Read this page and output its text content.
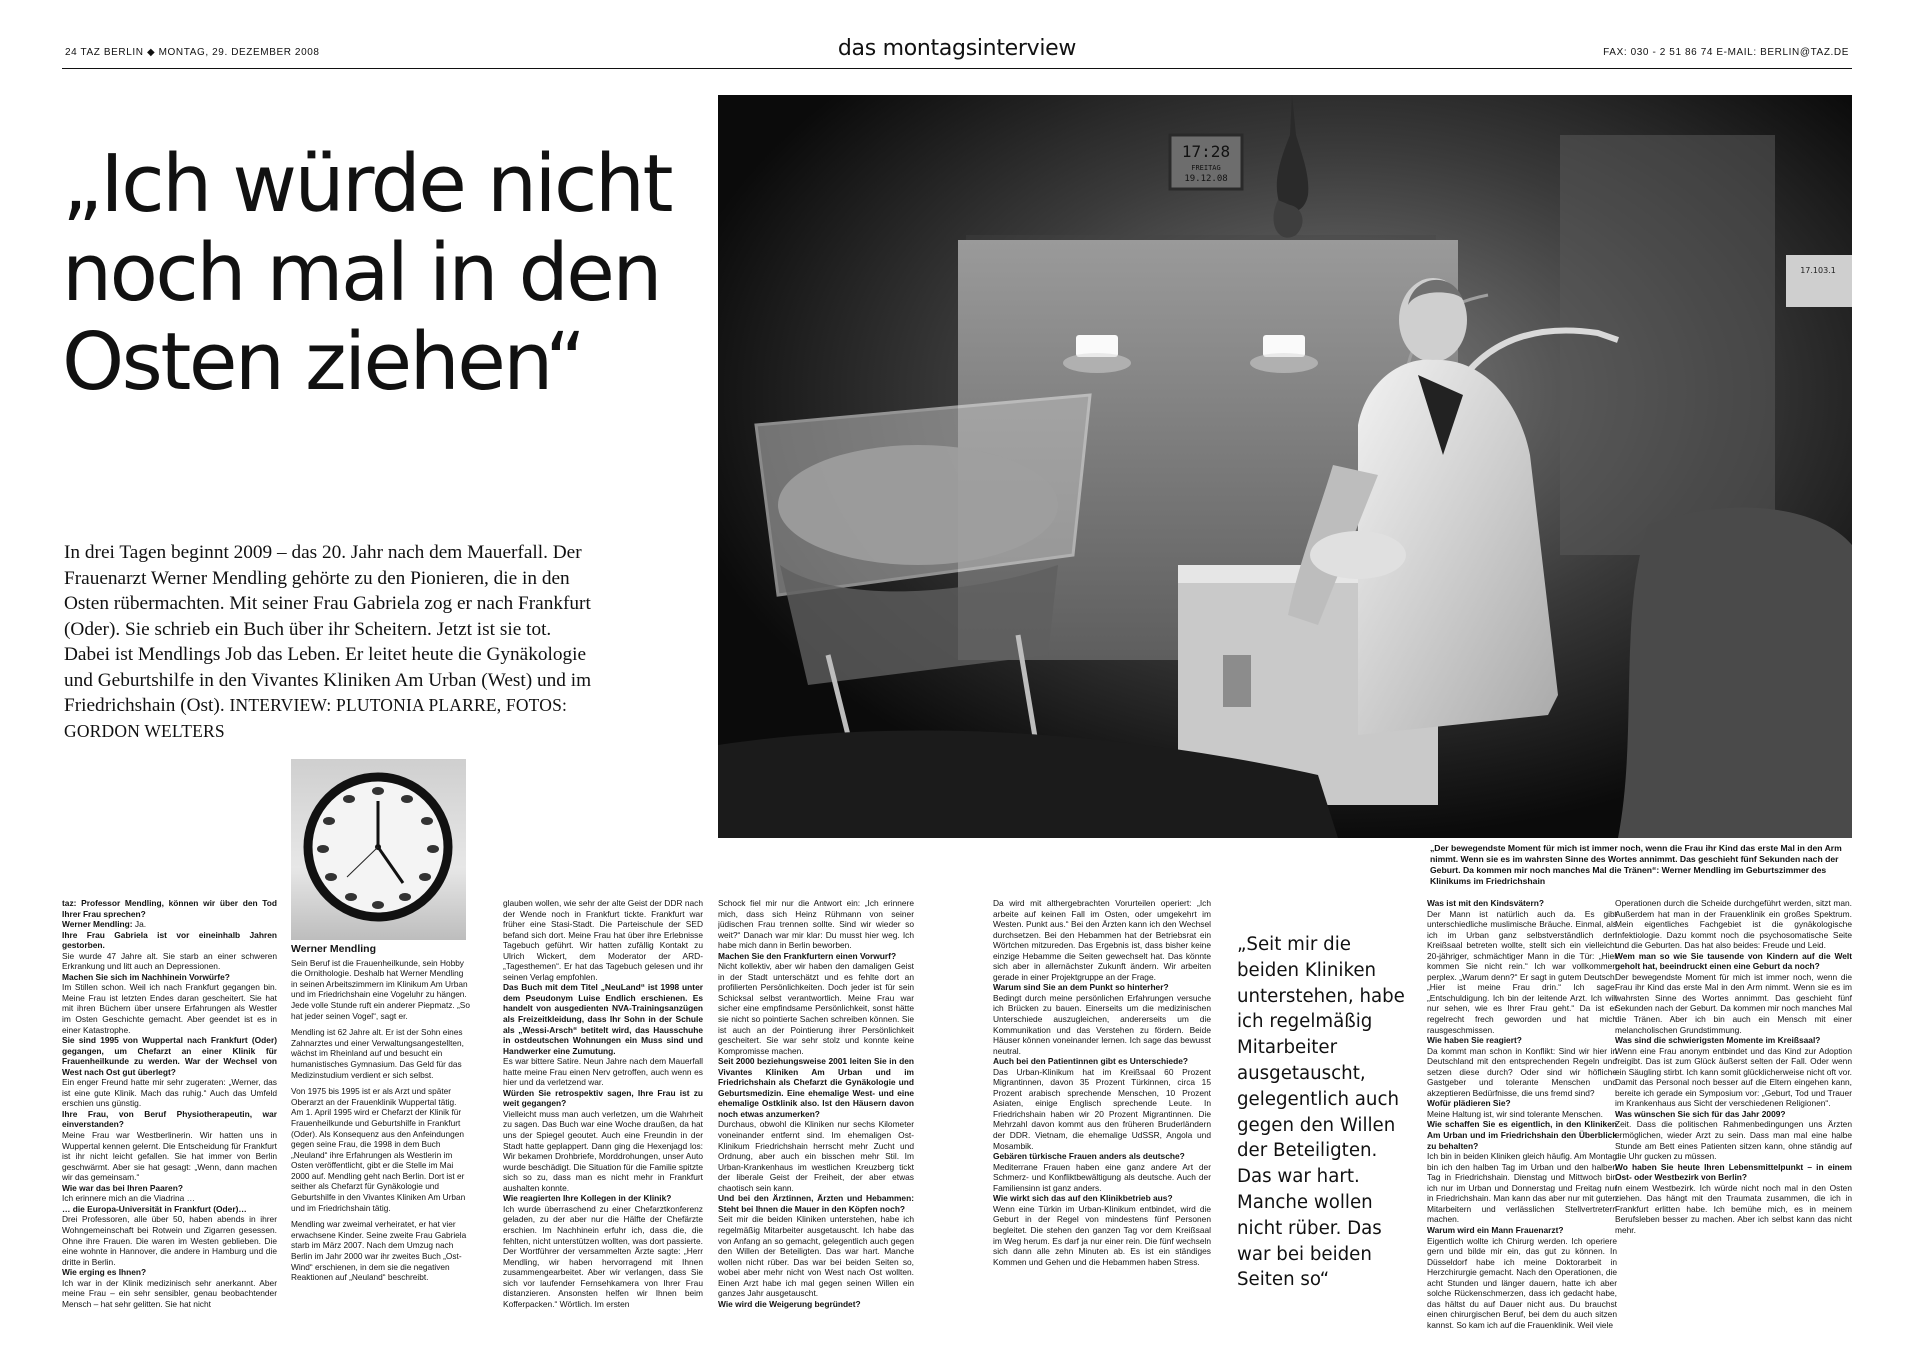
24 TAZ BERLIN ◆ MONTAG, 29. DEZEMBER 2008	das montagsinterview	FAX: 030 - 2 51 86 74 E-MAIL: BERLIN@TAZ.DE
„Ich würde nicht noch mal in den Osten ziehen“
In drei Tagen beginnt 2009 – das 20. Jahr nach dem Mauerfall. Der Frauenarzt Werner Mendling gehörte zu den Pionieren, die in den Osten rübermachten. Mit seiner Frau Gabriela zog er nach Frankfurt (Oder). Sie schrieb ein Buch über ihr Scheitern. Jetzt ist sie tot. Dabei ist Mendlings Job das Leben. Er leitet heute die Gynäkologie und Geburtshilfe in den Vivantes Kliniken Am Urban (West) und im Friedrichshain (Ost). INTERVIEW: PLUTONIA PLARRE, FOTOS: GORDON WELTERS
17:28
FREITAG
19.12.08
17.103.1
„Der bewegendste Moment für mich ist immer noch, wenn die Frau ihr Kind das erste Mal in den Arm nimmt. Wenn sie es im wahrsten Sinne des Wortes annimmt. Das geschieht fünf Sekunden nach der Geburt. Da kommen mir noch manches Mal die Tränen“: Werner Mendling im Geburtszimmer des Klinikums im Friedrichshain
Werner Mendling

Sein Beruf ist die Frauenheilkunde, sein Hobby die Ornithologie. Deshalb hat Werner Mendling in seinen Arbeitszimmern im Klinikum Am Urban und im Friedrichshain eine Vogeluhr zu hängen. Jede volle Stunde ruft ein anderer Piepmatz. „So hat jeder seinen Vogel“, sagt er.

Mendling ist 62 Jahre alt. Er ist der Sohn eines Zahnarztes und einer Verwaltungsangestellten, wächst im Rheinland auf und besucht ein humanistisches Gymnasium. Das Geld für das Medizinstudium verdient er sich selbst.

Von 1975 bis 1995 ist er als Arzt und später Oberarzt an der Frauenklinik Wuppertal tätig. Am 1. April 1995 wird er Chefarzt der Klinik für Frauenheilkunde und Geburtshilfe in Frankfurt (Oder). Als Konsequenz aus den Anfeindungen gegen seine Frau, die 1998 in dem Buch „Neuland“ ihre Erfahrungen als Westlerin im Osten veröffentlicht, gibt er die Stelle im Mai 2000 auf. Mendling geht nach Berlin. Dort ist er seither als Chefarzt für Gynäkologie und Geburtshilfe in den Vivantes Kliniken Am Urban und im Friedrichshain tätig.

Mendling war zweimal verheiratet, er hat vier erwachsene Kinder. Seine zweite Frau Gabriela starb im März 2007. Nach dem Umzug nach Berlin im Jahr 2000 war ihr zweites Buch „Ost-Wind“ erschienen, in dem sie die negativen Reaktionen auf „Neuland“ beschreibt.

taz: Professor Mendling, können wir über den Tod Ihrer Frau sprechen?
Werner Mendling: Ja.
Ihre Frau Gabriela ist vor eineinhalb Jahren gestorben.
Sie wurde 47 Jahre alt. Sie starb an einer schweren Erkrankung und litt auch an Depressionen.
Machen Sie sich im Nachhinein Vorwürfe?
Im Stillen schon. Weil ich nach Frankfurt gegangen bin. Meine Frau ist letzten Endes daran gescheitert. Sie hat mit ihren Büchern über unsere Erfahrungen als Westler im Osten Geschichte gemacht. Aber geendet ist es in einer Katastrophe.
Sie sind 1995 von Wuppertal nach Frankfurt (Oder) gegangen, um Chefarzt an einer Klinik für Frauenheilkunde zu werden. War der Wechsel von West nach Ost gut überlegt?
Ein enger Freund hatte mir sehr zugeraten: „Werner, das ist eine gute Klinik. Mach das ruhig.“ Auch das Umfeld erschien uns günstig.
Ihre Frau, von Beruf Physiotherapeutin, war einverstanden?
Meine Frau war Westberlinerin. Wir hatten uns in Wuppertal kennen gelernt. Die Entscheidung für Frankfurt ist ihr nicht leicht gefallen. Sie hat immer von Berlin geschwärmt. Aber sie hat gesagt: „Wenn, dann machen wir das gemeinsam.“
Wie war das bei Ihren Paaren?
Ich erinnere mich an die Viadrina …
… die Europa-Universität in Frankfurt (Oder)…
Drei Professoren, alle über 50, haben abends in ihrer Wohngemeinschaft bei Rotwein und Zigarren gesessen. Ohne ihre Frauen. Die waren im Westen geblieben. Die eine wohnte in Hannover, die andere in Hamburg und die dritte in Berlin.
Wie erging es Ihnen?
Ich war in der Klinik medizinisch sehr anerkannt. Aber meine Frau – ein sehr sensibler, genau beobachtender Mensch – hat sehr gelitten. Sie hat nicht
glauben wollen, wie sehr der alte Geist der DDR nach der Wende noch in Frankfurt tickte. Frankfurt war früher eine Stasi-Stadt. Die Parteischule der SED befand sich dort. Meine Frau hat über ihre Erlebnisse Tagebuch geführt. Wir hatten zufällig Kontakt zu Ulrich Wickert, dem Moderator der ARD-„Tagesthemen“. Er hat das Tagebuch gelesen und ihr seinen Verlag empfohlen.
Das Buch mit dem Titel „NeuLand“ ist 1998 unter dem Pseudonym Luise Endlich erschienen. Es handelt von ausgedienten NVA-Trainingsanzügen als Freizeitkleidung, dass Ihr Sohn in der Schule als „Wessi-Arsch“ betitelt wird, das Hausschuhe in ostdeutschen Wohnungen ein Muss sind und Handwerker eine Zumutung.
Es war bittere Satire. Neun Jahre nach dem Mauerfall hatte meine Frau einen Nerv getroffen, auch wenn es hier und da verletzend war.
Würden Sie retrospektiv sagen, Ihre Frau ist zu weit gegangen?
Vielleicht muss man auch verletzen, um die Wahrheit zu sagen. Das Buch war eine Woche draußen, da hat uns der Spiegel geoutet. Auch eine Freundin in der Stadt hatte geplappert. Dann ging die Hexenjagd los: Wir bekamen Drohbriefe, Morddrohungen, unser Auto wurde beschädigt. Die Situation für die Familie spitzte sich so zu, dass man es nicht mehr in Frankfurt aushalten konnte.
Wie reagierten Ihre Kollegen in der Klinik?
Ich wurde überraschend zu einer Chefarztkonferenz geladen, zu der aber nur die Hälfte der Chefärzte erschien. Im Nachhinein erfuhr ich, dass die, die fehlten, nicht unterstützen wollten, was dort passierte. Der Wortführer der versammelten Ärzte sagte: „Herr Mendling, wir haben hervorragend mit Ihnen zusammengearbeitet. Aber wir verlangen, dass Sie sich vor laufender Fernsehkamera von Ihrer Frau distanzieren. Ansonsten helfen wir Ihnen beim Kofferpacken.“ Wörtlich. Im ersten
Schock fiel mir nur die Antwort ein: „Ich erinnere mich, dass sich Heinz Rühmann von seiner jüdischen Frau trennen sollte. Sind wir wieder so weit?“ Danach war mir klar: Du musst hier weg. Ich habe mich dann in Berlin beworben.
Machen Sie den Frankfurtern einen Vorwurf?
Nicht kollektiv, aber wir haben den damaligen Geist in der Stadt unterschätzt und es fehlte dort an profilierten Persönlichkeiten. Doch jeder ist für sein Schicksal selbst verantwortlich. Meine Frau war sicher eine empfindsame Persönlichkeit, sonst hätte sie nicht so pointierte Sachen schreiben können. Sie ist auch an der Pointierung ihrer Persönlichkeit gescheitert. Sie war sehr stolz und konnte keine Kompromisse machen.
Seit 2000 beziehungsweise 2001 leiten Sie in den Vivantes Kliniken Am Urban und im Friedrichshain als Chefarzt die Gynäkologie und Geburtsmedizin. Eine ehemalige West- und eine ehemalige Ostklinik also. Ist den Häusern davon noch etwas anzumerken?
Durchaus, obwohl die Kliniken nur sechs Kilometer voneinander entfernt sind. Im ehemaligen Ost-Klinikum Friedrichshain herrscht mehr Zucht und Ordnung, aber auch ein bisschen mehr Stil. Im Urban-Krankenhaus im westlichen Kreuzberg tickt der liberale Geist der Freiheit, der aber etwas chaotisch sein kann.
Und bei den Ärztinnen, Ärzten und Hebammen: Steht bei Ihnen die Mauer in den Köpfen noch?
Seit mir die beiden Kliniken unterstehen, habe ich regelmäßig Mitarbeiter ausgetauscht. Ich habe das von Anfang an so gemacht, gelegentlich auch gegen den Willen der Beteiligten. Das war hart. Manche wollen nicht rüber. Das war bei beiden Seiten so, wobei aber mehr nicht von West nach Ost wollten. Einen Arzt habe ich mal gegen seinen Willen ein ganzes Jahr ausgetauscht.
Wie wird die Weigerung begründet?
Da wird mit althergebrachten Vorurteilen operiert: „Ich arbeite auf keinen Fall im Osten, oder umgekehrt im Westen. Punkt aus.“ Bei den Ärzten kann ich den Wechsel durchsetzen. Bei den Hebammen hat der Betriebsrat ein Wörtchen mitzureden. Das Ergebnis ist, dass bisher keine einzige Hebamme die Seiten gewechselt hat. Das könnte sich aber in allernächster Zukunft ändern. Wir arbeiten gerade in einer Projektgruppe an der Frage.
Warum sind Sie an dem Punkt so hinterher?
Bedingt durch meine persönlichen Erfahrungen versuche ich Brücken zu bauen. Einerseits um die medizinischen Unterschiede auszugleichen, andererseits um die Kommunikation und das Verstehen zu fördern. Beide Häuser können voneinander lernen. Ich sage das bewusst neutral.
Auch bei den Patientinnen gibt es Unterschiede?
Das Urban-Klinikum hat im Kreißsaal 60 Prozent Migrantinnen, davon 35 Prozent Türkinnen, circa 15 Prozent arabisch sprechende Menschen, 10 Prozent Asiaten, einige Englisch sprechende Leute. In Friedrichshain haben wir 20 Prozent Migrantinnen. Die Mehrzahl davon kommt aus den früheren Bruderländern der DDR. Vietnam, die ehemalige UdSSR, Angola und Mosambik.
Gebären türkische Frauen anders als deutsche?
Mediterrane Frauen haben eine ganz andere Art der Schmerz- und Konfliktbewältigung als deutsche. Auch der Familiensinn ist ganz anders.
Wie wirkt sich das auf den Klinikbetrieb aus?
Wenn eine Türkin im Urban-Klinikum entbindet, wird die Geburt in der Regel von mindestens fünf Personen begleitet. Die stehen den ganzen Tag vor dem Kreißsaal im Weg herum. Es darf ja nur einer rein. Die fünf wechseln sich dann alle zehn Minuten ab. Es ist ein ständiges Kommen und Gehen und die Hebammen haben Stress.

„Seit mir die beiden Kliniken unterstehen, habe ich regelmäßig Mitarbeiter ausgetauscht, gelegentlich auch gegen den Willen der Beteiligten. Das war hart. Manche wollen nicht rüber. Das war bei beiden Seiten so“

Was ist mit den Kindsvätern?
Der Mann ist natürlich auch da. Es gibt unterschiedliche muslimische Bräuche. Einmal, als ich im Urban ganz selbstverständlich den Kreißsaal betreten wollte, stellt sich ein vielleicht 20-jähriger, schmächtiger Mann in die Tür: „Hier kommen Sie nicht rein.“ Ich war vollkommen perplex. „Warum denn?“ Er sagt in gutem Deutsch: „Hier ist meine Frau drin.“ Ich sage: „Entschuldigung. Ich bin der leitende Arzt. Ich will nur sehen, wie es Ihrer Frau geht.“ Da ist er regelrecht frech geworden und hat mich rausgeschmissen.
Wie haben Sie reagiert?
Da kommt man schon in Konflikt: Sind wir hier in Deutschland mit den entsprechenden Regeln und setzen diese durch? Oder sind wir höfliche Gastgeber und tolerante Menschen und akzeptieren Bedürfnisse, die uns fremd sind?
Wofür plädieren Sie?
Meine Haltung ist, wir sind tolerante Menschen.
Wie schaffen Sie es eigentlich, in den Kliniken Am Urban und im Friedrichshain den Überblick zu behalten?
Ich bin in beiden Kliniken gleich häufig. Am Montag bin ich den halben Tag im Urban und den halben Tag in Friedrichshain. Dienstag und Mittwoch bin ich nur im Urban und Donnerstag und Freitag nur in Friedrichshain. Man kann das aber nur mit guten Mitarbeitern und verlässlichen Stellvertretern machen.
Warum wird ein Mann Frauenarzt?
Eigentlich wollte ich Chirurg werden. Ich operiere gern und bilde mir ein, das gut zu können. In Düsseldorf habe ich meine Doktorarbeit in Herzchirurgie gemacht. Nach den Operationen, die acht Stunden und länger dauern, hatte ich aber solche Rückenschmerzen, dass ich gedacht habe, das hältst du auf Dauer nicht aus. Du brauchst einen chirurgischen Beruf, bei dem du auch sitzen kannst. So kam ich auf die Frauenklinik. Weil viele
Operationen durch die Scheide durchgeführt werden, sitzt man. Außerdem hat man in der Frauenklinik ein großes Spektrum. Mein eigentliches Fachgebiet ist die gynäkologische Infektiologie. Dazu kommt noch die psychosomatische Seite und die Geburten. Das hat also beides: Freude und Leid.
Wem man so wie Sie tausende von Kindern auf die Welt geholt hat, beeindruckt einen eine Geburt da noch?
Der bewegendste Moment für mich ist immer noch, wenn die Frau ihr Kind das erste Mal in den Arm nimmt. Wenn sie es im wahrsten Sinne des Wortes annimmt. Das geschieht fünf Sekunden nach der Geburt. Da kommen mir noch manches Mal die Tränen. Aber ich bin auch ein Mensch mit einer melancholischen Grundstimmung.
Was sind die schwierigsten Momente im Kreißsaal?
Wenn eine Frau anonym entbindet und das Kind zur Adoption freigibt. Das ist zum Glück äußerst selten der Fall. Oder wenn ein Säugling stirbt. Ich kann somit glücklicherweise nicht oft vor. Damit das Personal noch besser auf die Eltern eingehen kann, bereite ich gerade ein Symposium vor: „Geburt, Tod und Trauer im Krankenhaus aus Sicht der verschiedenen Religionen“.
Was wünschen Sie sich für das Jahr 2009?
Zeit. Dass die politischen Rahmenbedingungen uns Ärzten ermöglichen, wieder Arzt zu sein. Dass man mal eine halbe Stunde am Bett eines Patienten sitzen kann, ohne ständig auf die Uhr gucken zu müssen.
Wo haben Sie heute Ihren Lebensmittelpunkt – in einem Ost- oder Westbezirk von Berlin?
In einem Westbezirk. Ich würde nicht noch mal in den Osten ziehen. Das hängt mit den Traumata zusammen, die ich in Frankfurt erlitten habe. Ich bemühe mich, es in meinem Berufsleben besser zu machen. Aber ich selbst kann das nicht mehr.
